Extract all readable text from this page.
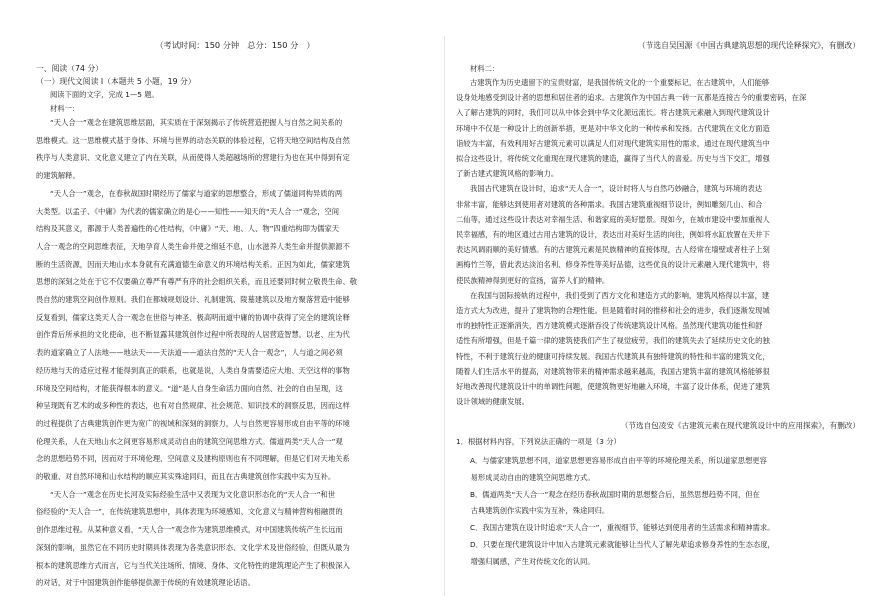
（考试时间：150 分钟　总分：150 分　）
一、阅读（74 分）
（一）现代文阅读 I（本题共 5 小题，19 分）
阅读下面的文字，完成 1—5 题。
材料一：
“天人合一”观念在建筑思维层面，其实质在于深刻揭示了传统营造把握人与自然之间关系的
思维模式。这一思维模式基于身体、环境与世界的动态关联的体验过程，它将天地空间结构及自然
秩序与人类意识、文化意义建立了内在关联，从而使得人类超越场所的营建行为也在其中得到有定
的建筑解释。
“天人合一”观念，在春秋战国时期经历了儒家与道家的思想整合，形成了儒道同构异质的两
大类型。以孟子、《中庸》为代表的儒家确立的是心——知性——知天的“天人合一”观念，空间
结构及其意义，都源于人类普遍性的心性结构，《中庸》“天、地、人、物”四重结构即为儒家天
人合一观念的空间思维表征，天地孕育人类生命并使之绵延不息，山水滋养人类生命并提供源源不
断的生活资源，因而天地山水本身就有充满道德生命意义的环境结构关系。正因为如此，儒家建筑
思想的深刻之处在于它不仅要确立尊严有尊严有序的社会组织关系，而且还要同时树立敬畏生命、敬
畏自然的建筑空间创作原则。我们在都城规划设计、礼制建筑、陵墓建筑以及地方聚落营造中能够
反复看到，儒家这类天人合一观念在世俗与神圣、极高明而道中庸的协调中获得了完全的建筑诠释
创作背后所承担的文化使命，也不断显露其建筑创作过程中所表现的人居营造智慧。以老、庄为代
表的道家确立了人法地——地法天——天法道——道法自然的“天人合一观念”，人与道之间必须
经历地与天的适应过程才能得到真正的联系，也就是说，人类自身需要适应大地、天空这样的事物
环境及空间结构，才能获得根本的意义。“道”是人自身生命活力面向自然、社会的自由呈现，这
种呈现既有艺术的或多种性的表达，也有对自然规律、社会规范、知识技术的洞察反思，因而这样
的过程提供了古典建筑创作更为宽广的视域和深刻的洞察力，人与自然更容易形成自由平等的环境
伦理关系，人在天地山水之间更容易形成灵动自由的建筑空间思维方式。儒道两类“天人合一”观
念的思想趋势不同，因而对于环境伦理、空间意义及建构原则也有不同理解，但是它们对天地关系
的敬重、对自然环境和山水结构的顺应其实殊途同归，而且在古典建筑创作实践中实为互补。
“天人合一”观念在历史长河及实际经验生活中又表现为文化意识形态化的“天人合一”和世
俗经验的“天人合一”，在传统建筑思想中，具体表现为环境感知、文化意义与精神营构相融贯的
创作思维过程。从某种意义看，“天人合一”观念作为建筑思维模式，对中国建筑传统产生长远而
深刻的影响，虽然它在不同历史时期具体表现为各类意识形态、文化学术及世俗经验，但既从最为
根本的建筑思维方式而言，它与当代关注场所、情境、身体、文化特性的建筑理论产生了积极深入
的对话，对于中国建筑创作能够提供源于传统的有效建筑理论话语。
（节选自吴国源《中国古典建筑思想的现代诠释探究》，有删改）
材料二：
古建筑作为历史遗留下的宝贵财富，是我国传统文化的一个重要标记，在古建筑中，人们能够
设身处地感受到设计者的思想和居住者的追求。古建筑作为中国古典一砖一瓦都是连接古今的重要密码，在深
入了解古建筑的同时，我们可以从中体会到中华文化源远流长。将古建筑元素融入到现代建筑设计
环境中不仅是一种设计上的创新举措，更是对中华文化的一种传承和发扬。古代建筑在文化方面造
诣较为丰富，有效利用好古建筑元素可以满足人们对现代建筑实用性的需求，通过在现代建筑当中
拟合这些设计，将传统文化重现在现代建筑的建造，赢得了当代人的喜爱。历史与当下交汇，增强
了新古建式建筑风格的影响力。
我国古代建筑在设计时，追求“天人合一”，设计时将人与自然巧妙融合，建筑与环境的表达
非常丰富，能够达到使用者对建筑的各种需求。我国古建筑重视细节设计，例如雕刻几山、和合
二仙等，通过这些设计表达对幸福生活、和谐家庭的美好愿景。现如今，在城市建设中要加重视人
民幸福感，有的地区通过古用古建筑的设计，表达出对美好生活的向往，例如将水缸放置在天井下
表达风调雨顺的美好情感。有的古建筑元素是民族精神的直接体现，古人经常在墙壁或者柱子上刻
画梅竹兰等，借此表达淡泊名利、修身养性等美好品德，这些优良的设计元素融入现代建筑中，将
使民族精神得到更好的宣扬，富养人们的精神。
在我国与国际接轨的过程中，我们受到了西方文化和建造方式的影响，建筑风格得以丰富，建
造方式大为改进，提升了建筑物的合理性能。但是随着时间的推移和社会的进步，我们逐渐发现城
市的独特性正逐渐消失，西方建筑模式逐渐吞没了传统建筑设计风格。虽然现代建筑功能性和舒
适性有所增强，但是千篇一律的建筑使我们产生了视觉疲劳，我们的建筑失去了延续历史文化的独
特性，不利于建筑行业的健康可持续发展。我国古代建筑具有独特建筑的特性和丰富的建筑文化，
随着人们生活水平的提高，对建筑物带来的精神需求越来越高，我国古建筑丰富的建筑风格能够很
好地改善现代建筑设计中的单调性问题，使建筑物更好地融入环境，丰富了设计体系，促进了建筑
设计领域的健康发展。
（节选自包凌安《古建筑元素在现代建筑设计中的应用探索》，有删改）
1．根据材料内容，下列说法正确的一项是（3 分）
A．与儒家建筑思想不同，道家思想更容易形成自由平等的环境伦理关系，所以道家思想更容
　　易形成灵动自由的建筑空间思维方式。
B．儒道两类“天人合一”观念在经历春秋战国时期的思想整合后，虽然思想趋势不同，但在
　　古典建筑创作实践中实为互补，殊途同归。
C．我国古建筑在设计时追求“天人合一”，重视细节，能够达到使用者的生活需求和精神需求。
D．只要在现代建筑设计中加入古建筑元素就能够让当代人了解先辈追求修身养性的生态态度，
　　增强归属感，产生对传统文化的认同。
